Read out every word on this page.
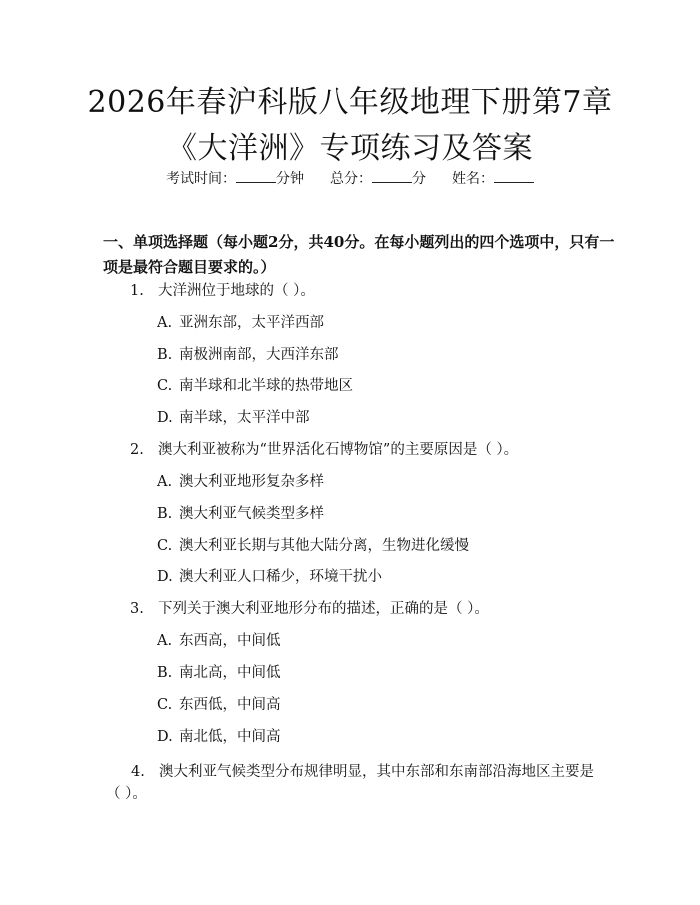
2026年春沪科版八年级地理下册第7章《大洋洲》专项练习及答案
考试时间：	分钟 总分：	分 姓名：
一、单项选择题（每小题2分，共40分。在每小题列出的四个选项中，只有一项是最符合题目要求的。）
1. 大洋洲位于地球的（ ）。
A. 亚洲东部，太平洋西部
B. 南极洲南部，大西洋东部
C. 南半球和北半球的热带地区
D. 南半球，太平洋中部
2. 澳大利亚被称为“世界活化石博物馆”的主要原因是（ ）。
A. 澳大利亚地形复杂多样
B. 澳大利亚气候类型多样
C. 澳大利亚长期与其他大陆分离，生物进化缓慢
D. 澳大利亚人口稀少，环境干扰小
3. 下列关于澳大利亚地形分布的描述，正确的是（ ）。
A. 东西高，中间低
B. 南北高，中间低
C. 东西低，中间高
D. 南北低，中间高
4. 澳大利亚气候类型分布规律明显，其中东部和东南部沿海地区主要是（ ）。
